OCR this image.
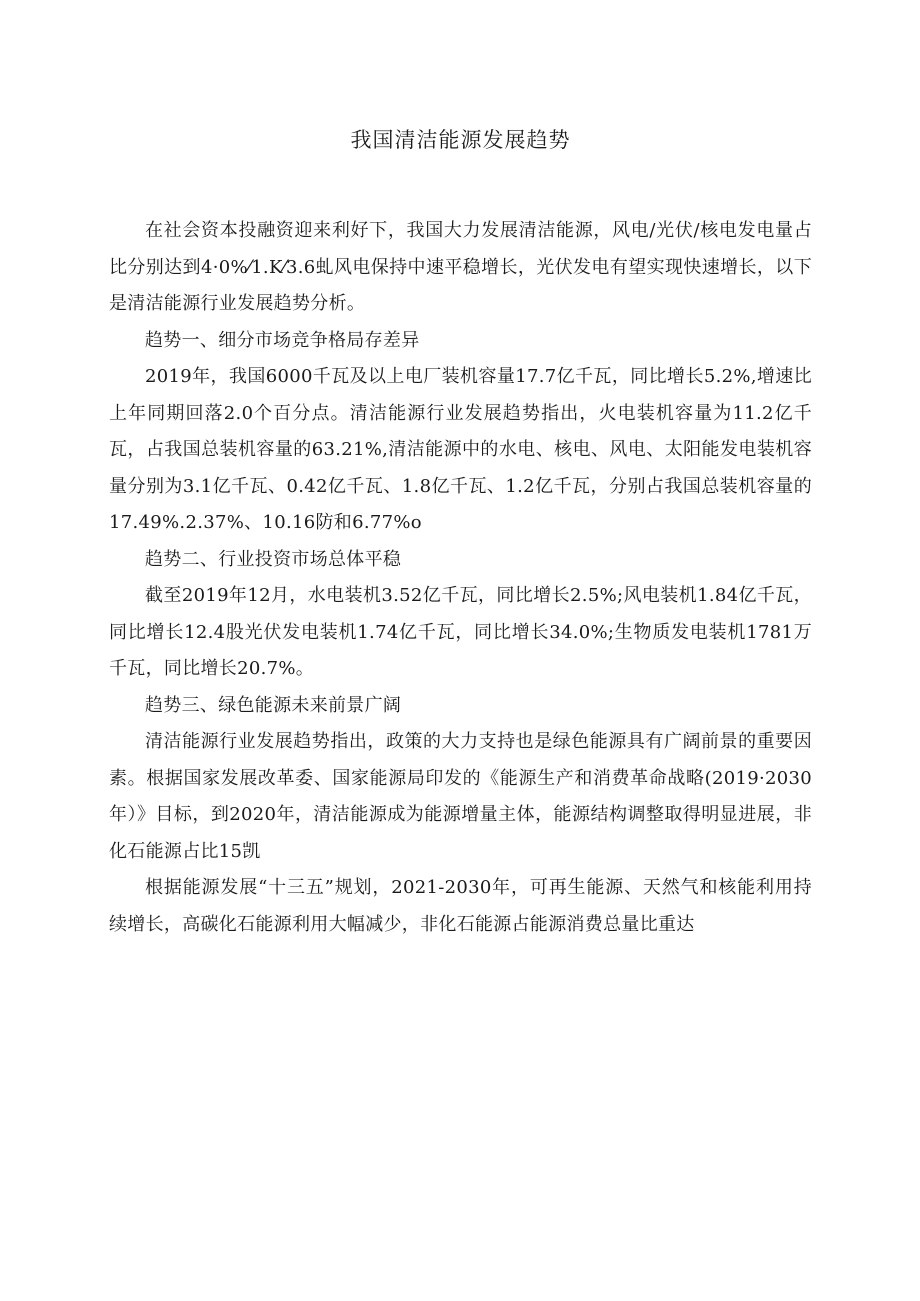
我国清洁能源发展趋势

在社会资本投融资迎来利好下，我国大力发展清洁能源，风电/光伏/核电发电量占比分别达到4·0%⁄1.K⁄3.6虬风电保持中速平稳增长，光伏发电有望实现快速增长，以下是清洁能源行业发展趋势分析。

趋势一、细分市场竞争格局存差异

2019年，我国6000千瓦及以上电厂装机容量17.7亿千瓦，同比增长5.2%,增速比上年同期回落2.0个百分点。清洁能源行业发展趋势指出，火电装机容量为11.2亿千瓦，占我国总装机容量的63.21%,清洁能源中的水电、核电、风电、太阳能发电装机容量分别为3.1亿千瓦、0.42亿千瓦、1.8亿千瓦、1.2亿千瓦，分别占我国总装机容量的17.49%.2.37%、10.16防和6.77%o

趋势二、行业投资市场总体平稳

截至2019年12月，水电装机3.52亿千瓦，同比增长2.5%;风电装机1.84亿千瓦，同比增长12.4股光伏发电装机1.74亿千瓦，同比增长34.0%;生物质发电装机1781万千瓦，同比增长20.7%。

趋势三、绿色能源未来前景广阔

清洁能源行业发展趋势指出，政策的大力支持也是绿色能源具有广阔前景的重要因素。根据国家发展改革委、国家能源局印发的《能源生产和消费革命战略(2019·2030年）》目标，到2020年，清洁能源成为能源增量主体，能源结构调整取得明显进展，非化石能源占比15凯

根据能源发展“十三五”规划，2021-2030年，可再生能源、天然气和核能利用持续增长，高碳化石能源利用大幅减少，非化石能源占能源消费总量比重达
